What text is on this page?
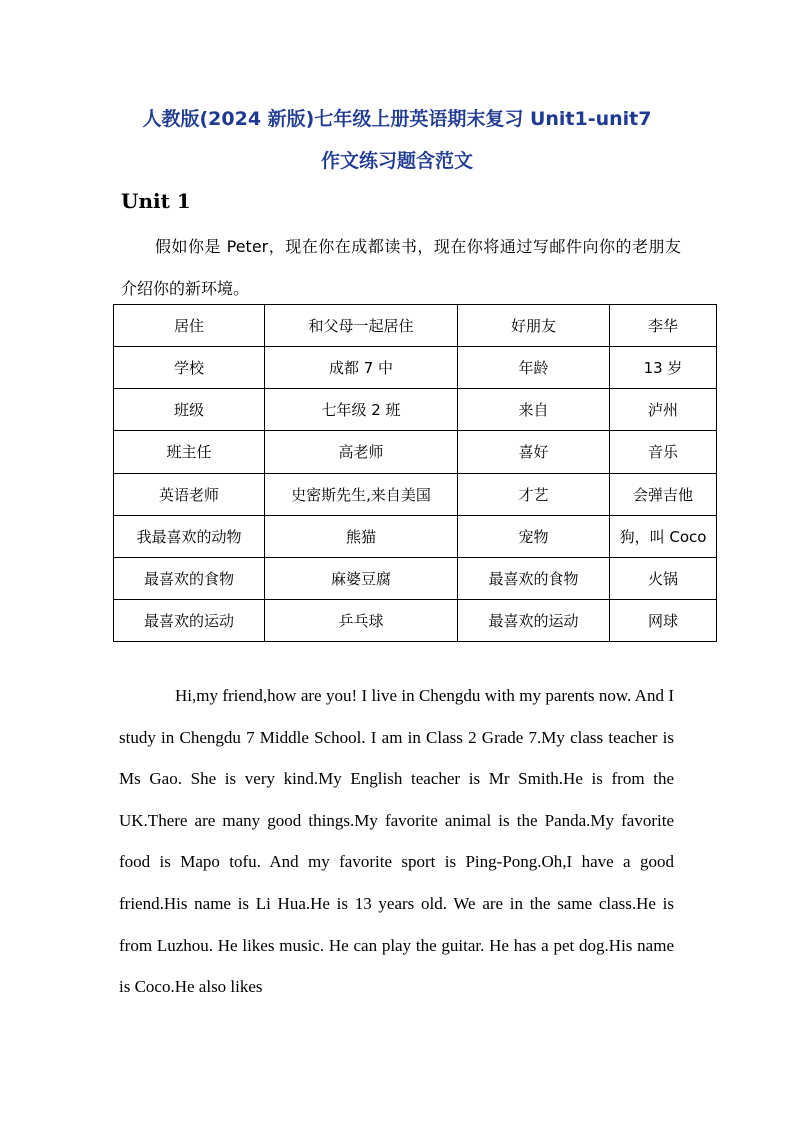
人教版(2024 新版)七年级上册英语期末复习 Unit1-unit7
作文练习题含范文
Unit 1
假如你是 Peter，现在你在成都读书，现在你将通过写邮件向你的老朋友介绍你的新环境。
居住	和父母一起居住	好朋友	李华
学校	成都 7 中	年龄	13 岁
班级	七年级 2 班	来自	泸州
班主任	高老师	喜好	音乐
英语老师	史密斯先生,来自美国	才艺	会弹吉他
我最喜欢的动物	熊猫	宠物	狗，叫 Coco
最喜欢的食物	麻婆豆腐	最喜欢的食物	火锅
最喜欢的运动	乒乓球	最喜欢的运动	网球
Hi,my friend,how are you! I live in Chengdu with my parents now. And I study in Chengdu 7 Middle School. I am in Class 2 Grade 7.My class teacher is Ms Gao. She is very kind.My English teacher is Mr Smith.He is from the UK.There are many good things.My favorite animal is the Panda.My favorite food is Mapo tofu. And my favorite sport is Ping-Pong.Oh,I have a good friend.His name is Li Hua.He is 13 years old. We are in the same class.He is from Luzhou. He likes music. He can play the guitar. He has a pet dog.His name is Coco.He also likes
